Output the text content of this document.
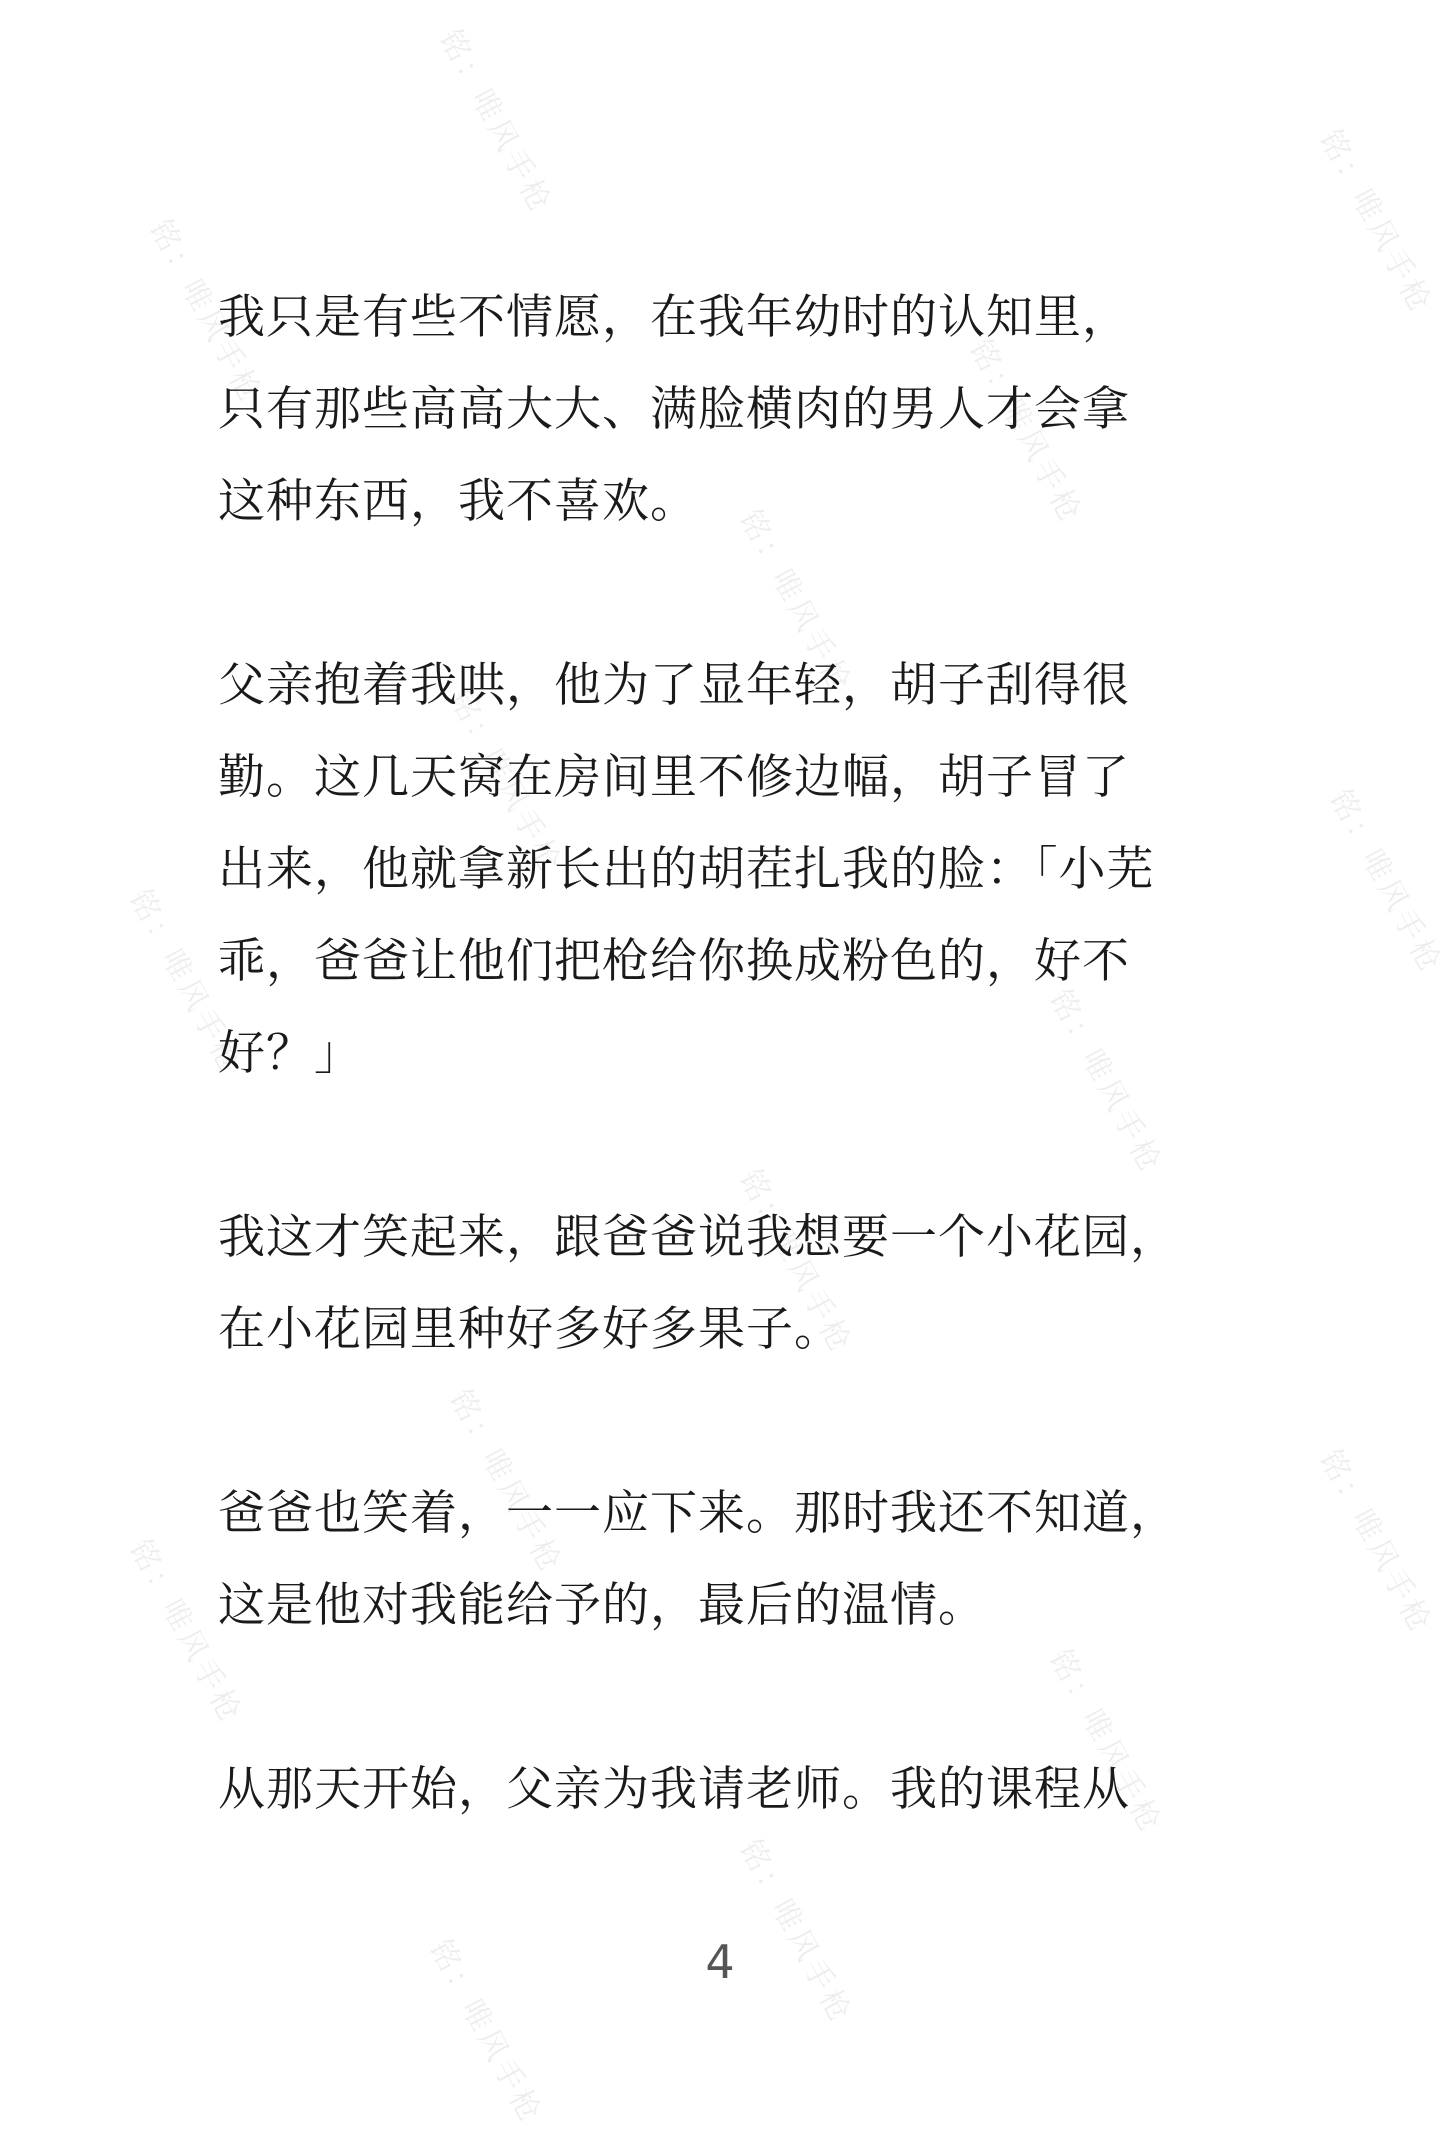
铭：唯风手枪
铭：唯风手枪
铭：唯风手枪
铭：唯风手枪
铭：唯风手枪
铭：唯风手枪
铭：唯风手枪
铭：唯风手枪
铭：唯风手枪
铭：唯风手枪
铭：唯风手枪	铭：唯风手枪
铭：唯风手枪
铭：唯风手枪
铭：唯风手枪
铭：唯风手枪

我只是有些不情愿，在我年幼时的认知里，
只有那些高高大大、满脸横肉的男人才会拿
这种东西，我不喜欢。

父亲抱着我哄，他为了显年轻，胡子刮得很
勤。这几天窝在房间里不修边幅，胡子冒了
出来，他就拿新长出的胡茬扎我的脸：「小芜
乖，爸爸让他们把枪给你换成粉色的，好不
好？」

我这才笑起来，跟爸爸说我想要一个小花园，
在小花园里种好多好多果子。

爸爸也笑着，一一应下来。那时我还不知道，
这是他对我能给予的，最后的温情。

从那天开始，父亲为我请老师。我的课程从

4
